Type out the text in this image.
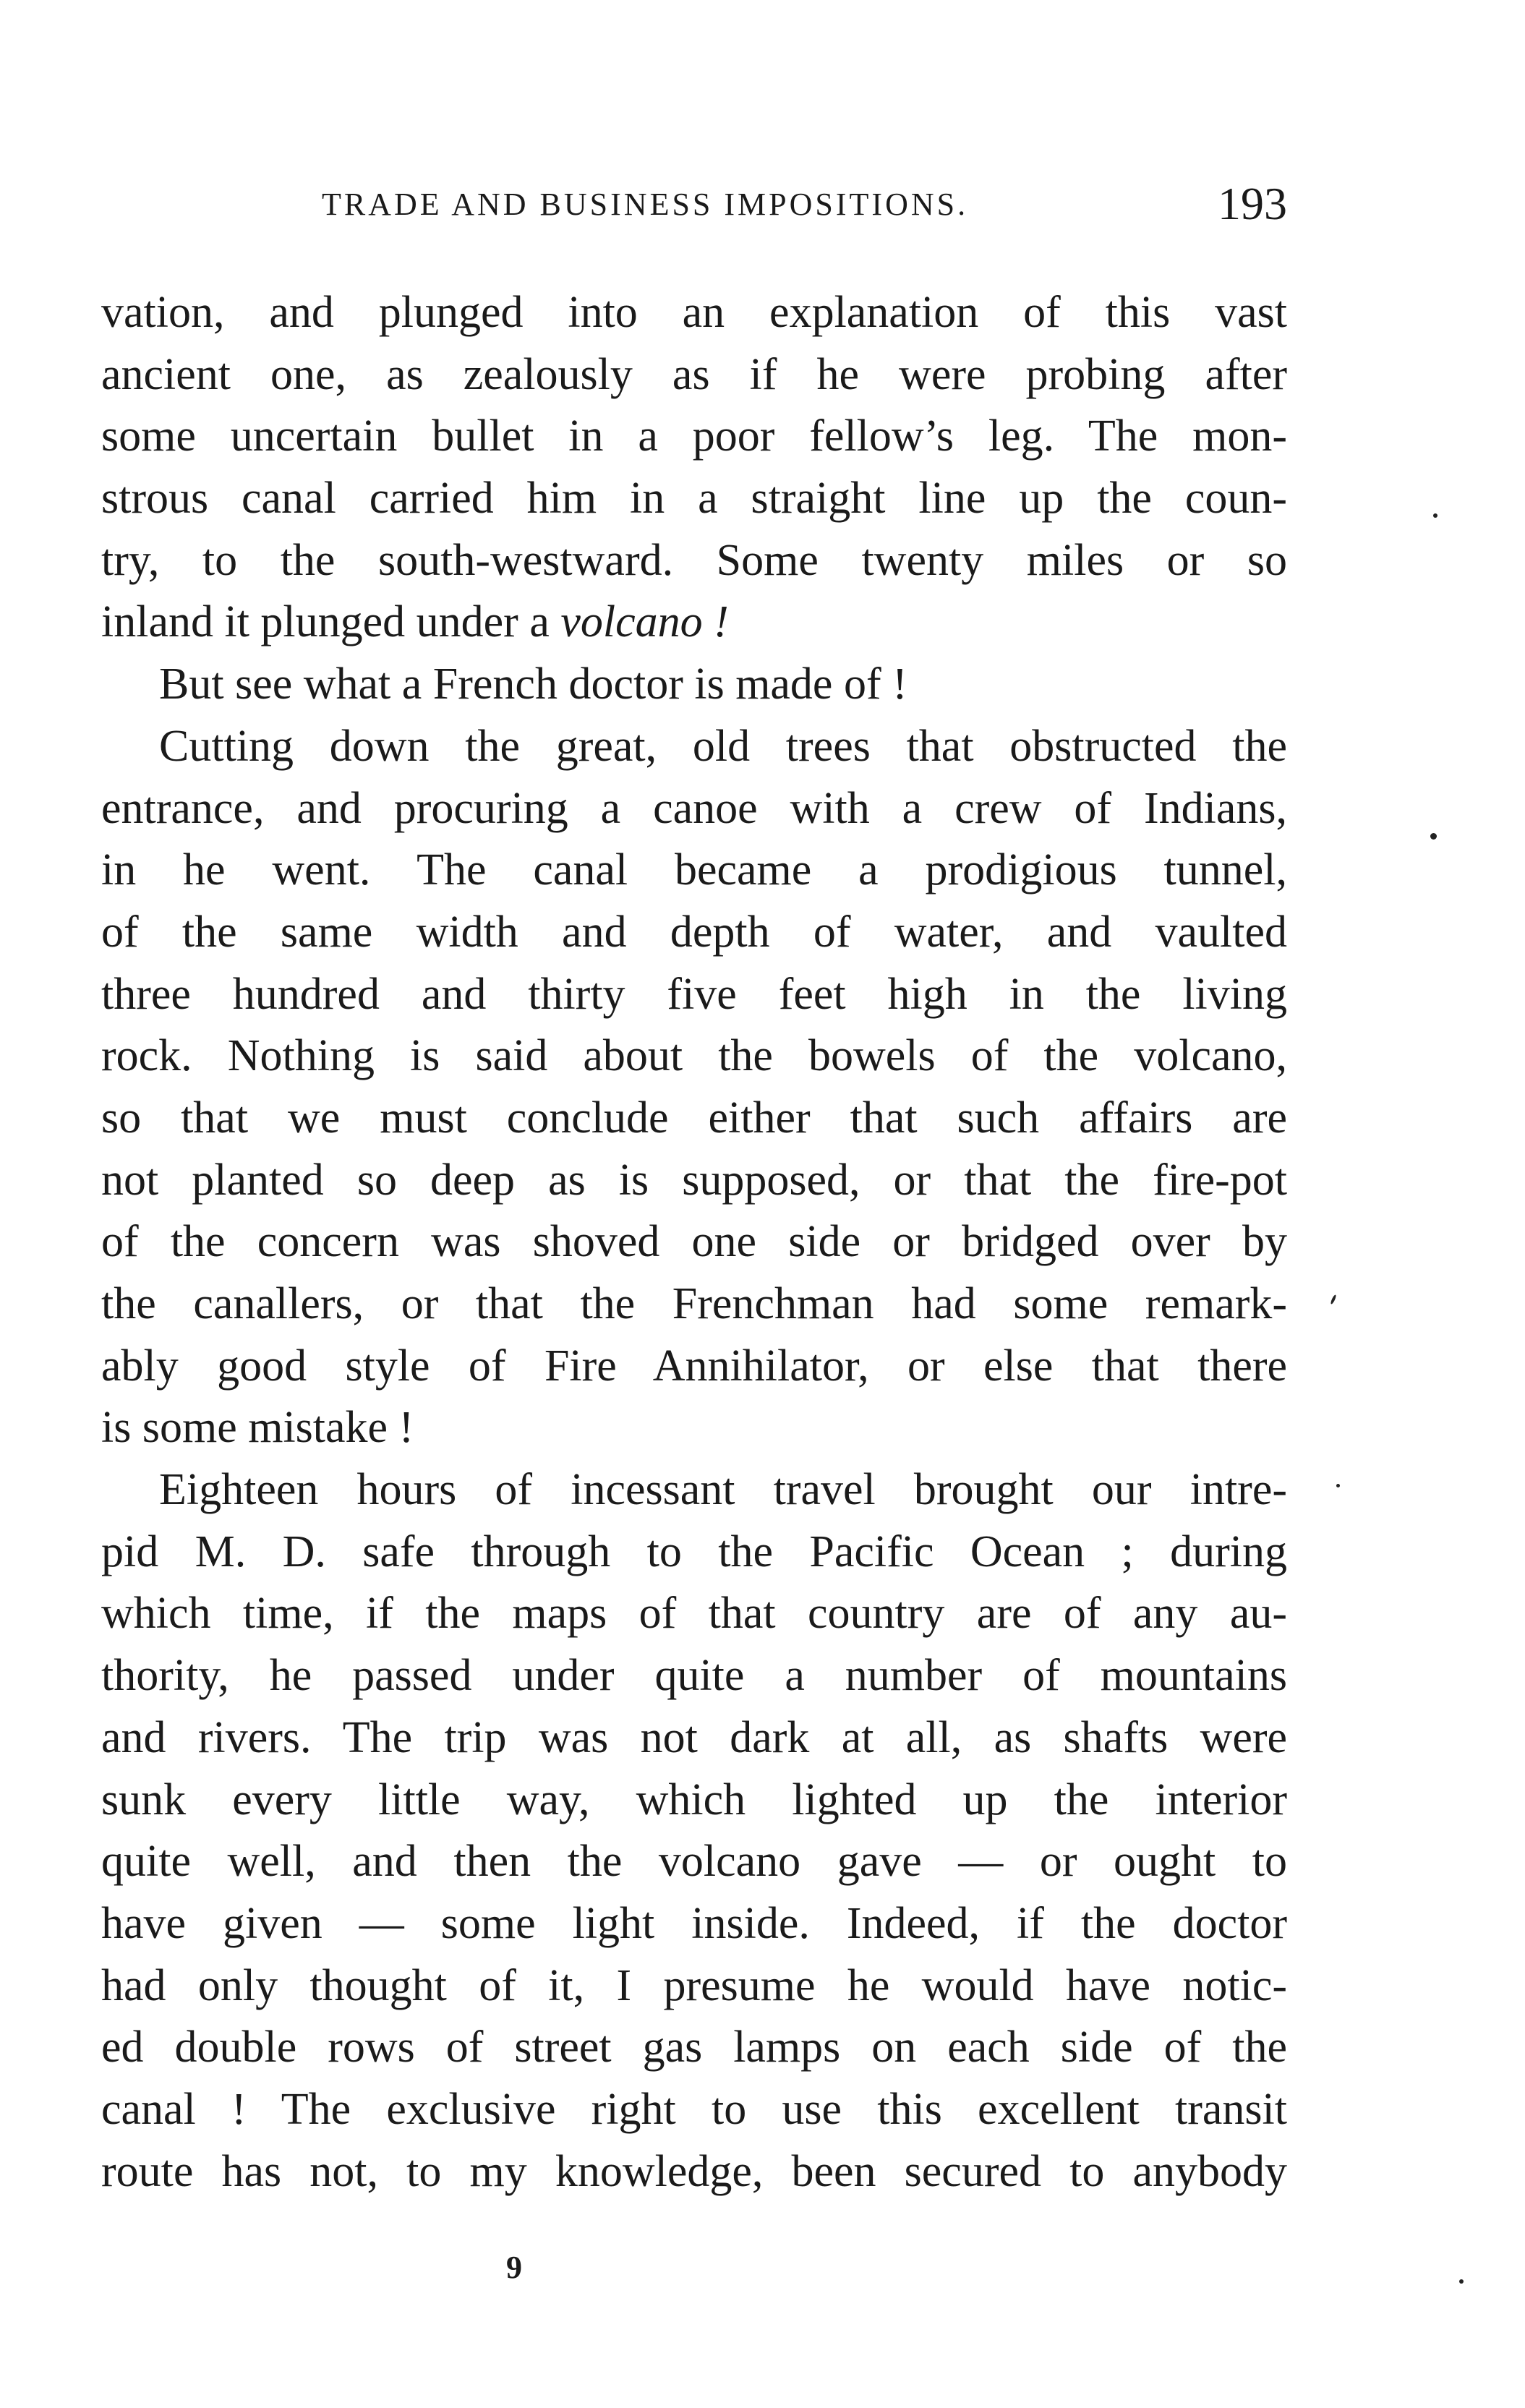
TRADE AND BUSINESS IMPOSITIONS.	193
vation, and plunged into an explanation of this vast
ancient one, as zealously as if he were probing after
some uncertain bullet in a poor fellow’s leg. The mon-
strous canal carried him in a straight line up the coun-
try, to the south-westward. Some twenty miles or so
inland it plunged under a volcano !
But see what a French doctor is made of !
Cutting down the great, old trees that obstructed the
entrance, and procuring a canoe with a crew of Indians,
in he went. The canal became a prodigious tunnel,
of the same width and depth of water, and vaulted
three hundred and thirty five feet high in the living
rock. Nothing is said about the bowels of the volcano,
so that we must conclude either that such affairs are
not planted so deep as is supposed, or that the fire-pot
of the concern was shoved one side or bridged over by
the canallers, or that the Frenchman had some remark-
ably good style of Fire Annihilator, or else that there
is some mistake !
Eighteen hours of incessant travel brought our intre-
pid M. D. safe through to the Pacific Ocean ; during
which time, if the maps of that country are of any au-
thority, he passed under quite a number of mountains
and rivers. The trip was not dark at all, as shafts were
sunk every little way, which lighted up the interior
quite well, and then the volcano gave — or ought to
have given — some light inside. Indeed, if the doctor
had only thought of it, I presume he would have notic-
ed double rows of street gas lamps on each side of the
canal ! The exclusive right to use this excellent transit
route has not, to my knowledge, been secured to anybody
9
